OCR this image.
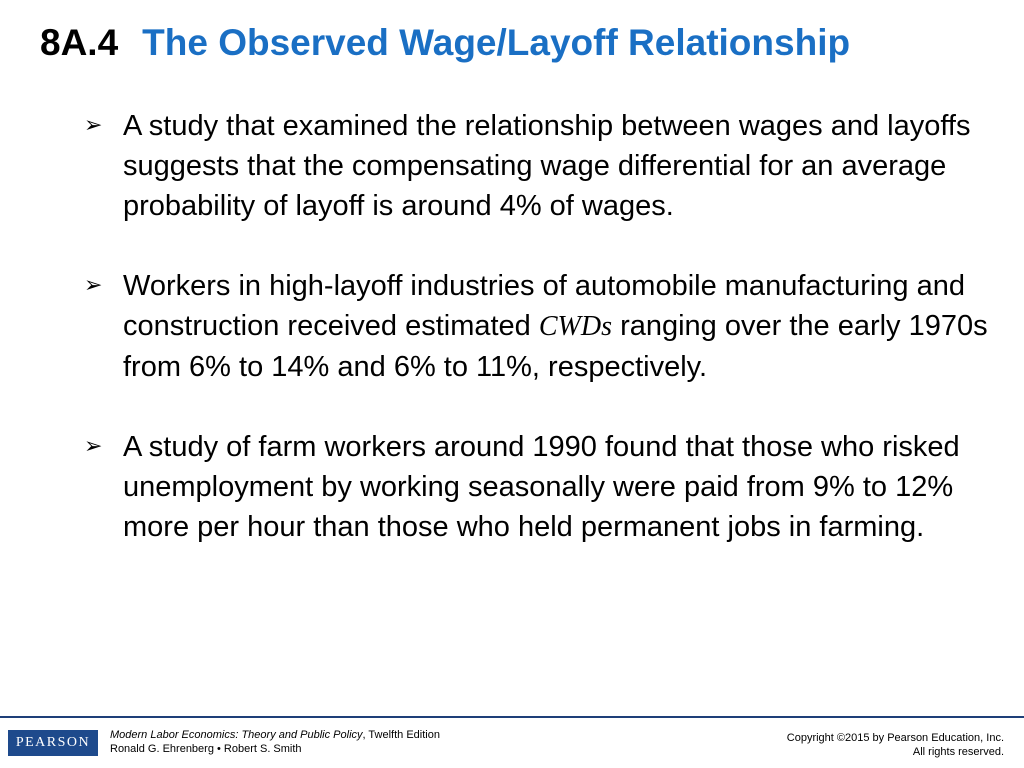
8A.4 The Observed Wage/Layoff Relationship
➢ A study that examined the relationship between wages and layoffs suggests that the compensating wage differential for an average probability of layoff is around 4% of wages.
➢ Workers in high-layoff industries of automobile manufacturing and construction received estimated CWDs ranging over the early 1970s from 6% to 14% and 6% to 11%, respectively.
➢ A study of farm workers around 1990 found that those who risked unemployment by working seasonally were paid from 9% to 12% more per hour than those who held permanent jobs in farming.
PEARSON	Modern Labor Economics: Theory and Public Policy, Twelfth Edition
Ronald G. Ehrenberg • Robert S. Smith
Copyright ©2015 by Pearson Education, Inc.
All rights reserved.
